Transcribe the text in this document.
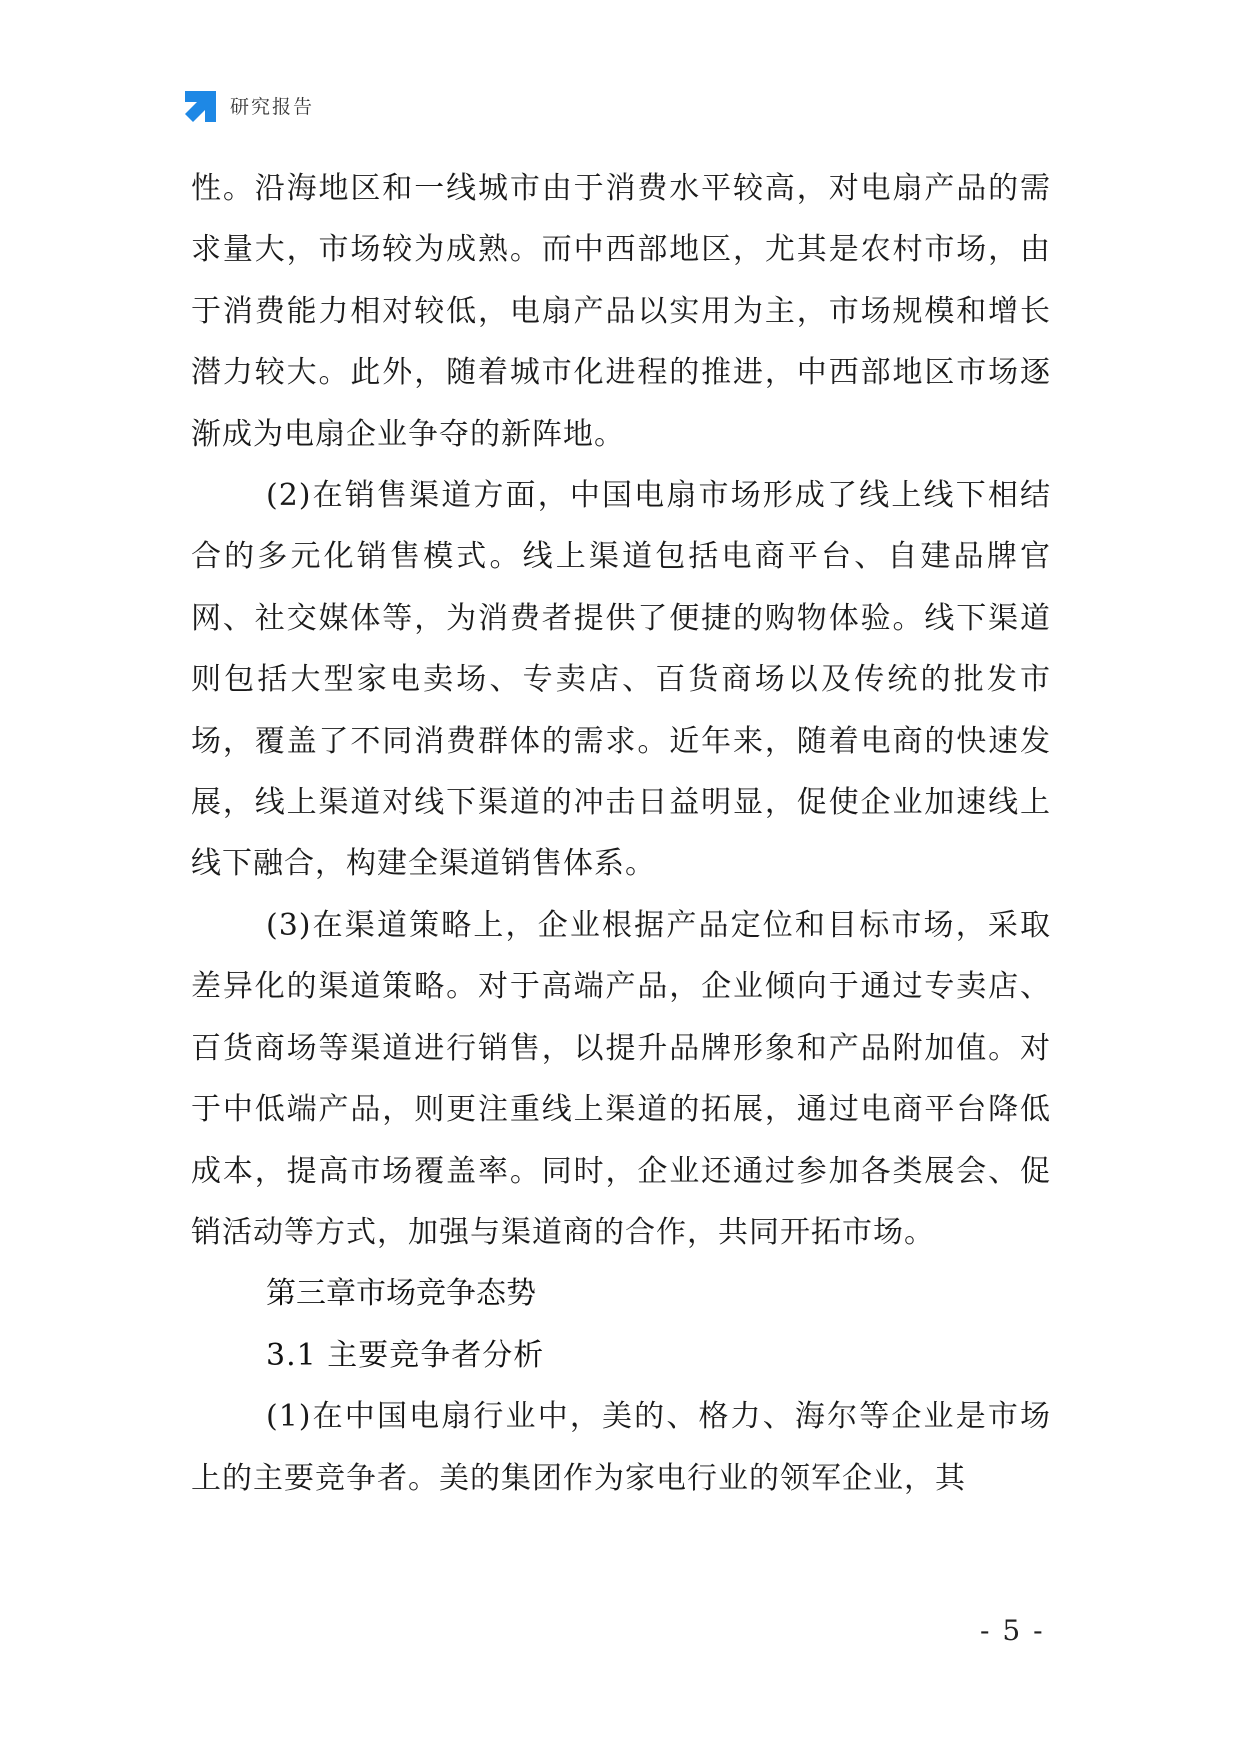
研究报告

性。沿海地区和一线城市由于消费水平较高，对电扇产品的需求量大，市场较为成熟。而中西部地区，尤其是农村市场，由于消费能力相对较低，电扇产品以实用为主，市场规模和增长潜力较大。此外，随着城市化进程的推进，中西部地区市场逐渐成为电扇企业争夺的新阵地。

(2)在销售渠道方面，中国电扇市场形成了线上线下相结合的多元化销售模式。线上渠道包括电商平台、自建品牌官网、社交媒体等，为消费者提供了便捷的购物体验。线下渠道则包括大型家电卖场、专卖店、百货商场以及传统的批发市场，覆盖了不同消费群体的需求。近年来，随着电商的快速发展，线上渠道对线下渠道的冲击日益明显，促使企业加速线上线下融合，构建全渠道销售体系。

(3)在渠道策略上，企业根据产品定位和目标市场，采取差异化的渠道策略。对于高端产品，企业倾向于通过专卖店、百货商场等渠道进行销售，以提升品牌形象和产品附加值。对于中低端产品，则更注重线上渠道的拓展，通过电商平台降低成本，提高市场覆盖率。同时，企业还通过参加各类展会、促销活动等方式，加强与渠道商的合作，共同开拓市场。

第三章市场竞争态势

3.1 主要竞争者分析

(1)在中国电扇行业中，美的、格力、海尔等企业是市场上的主要竞争者。美的集团作为家电行业的领军企业，其

- 5 -
